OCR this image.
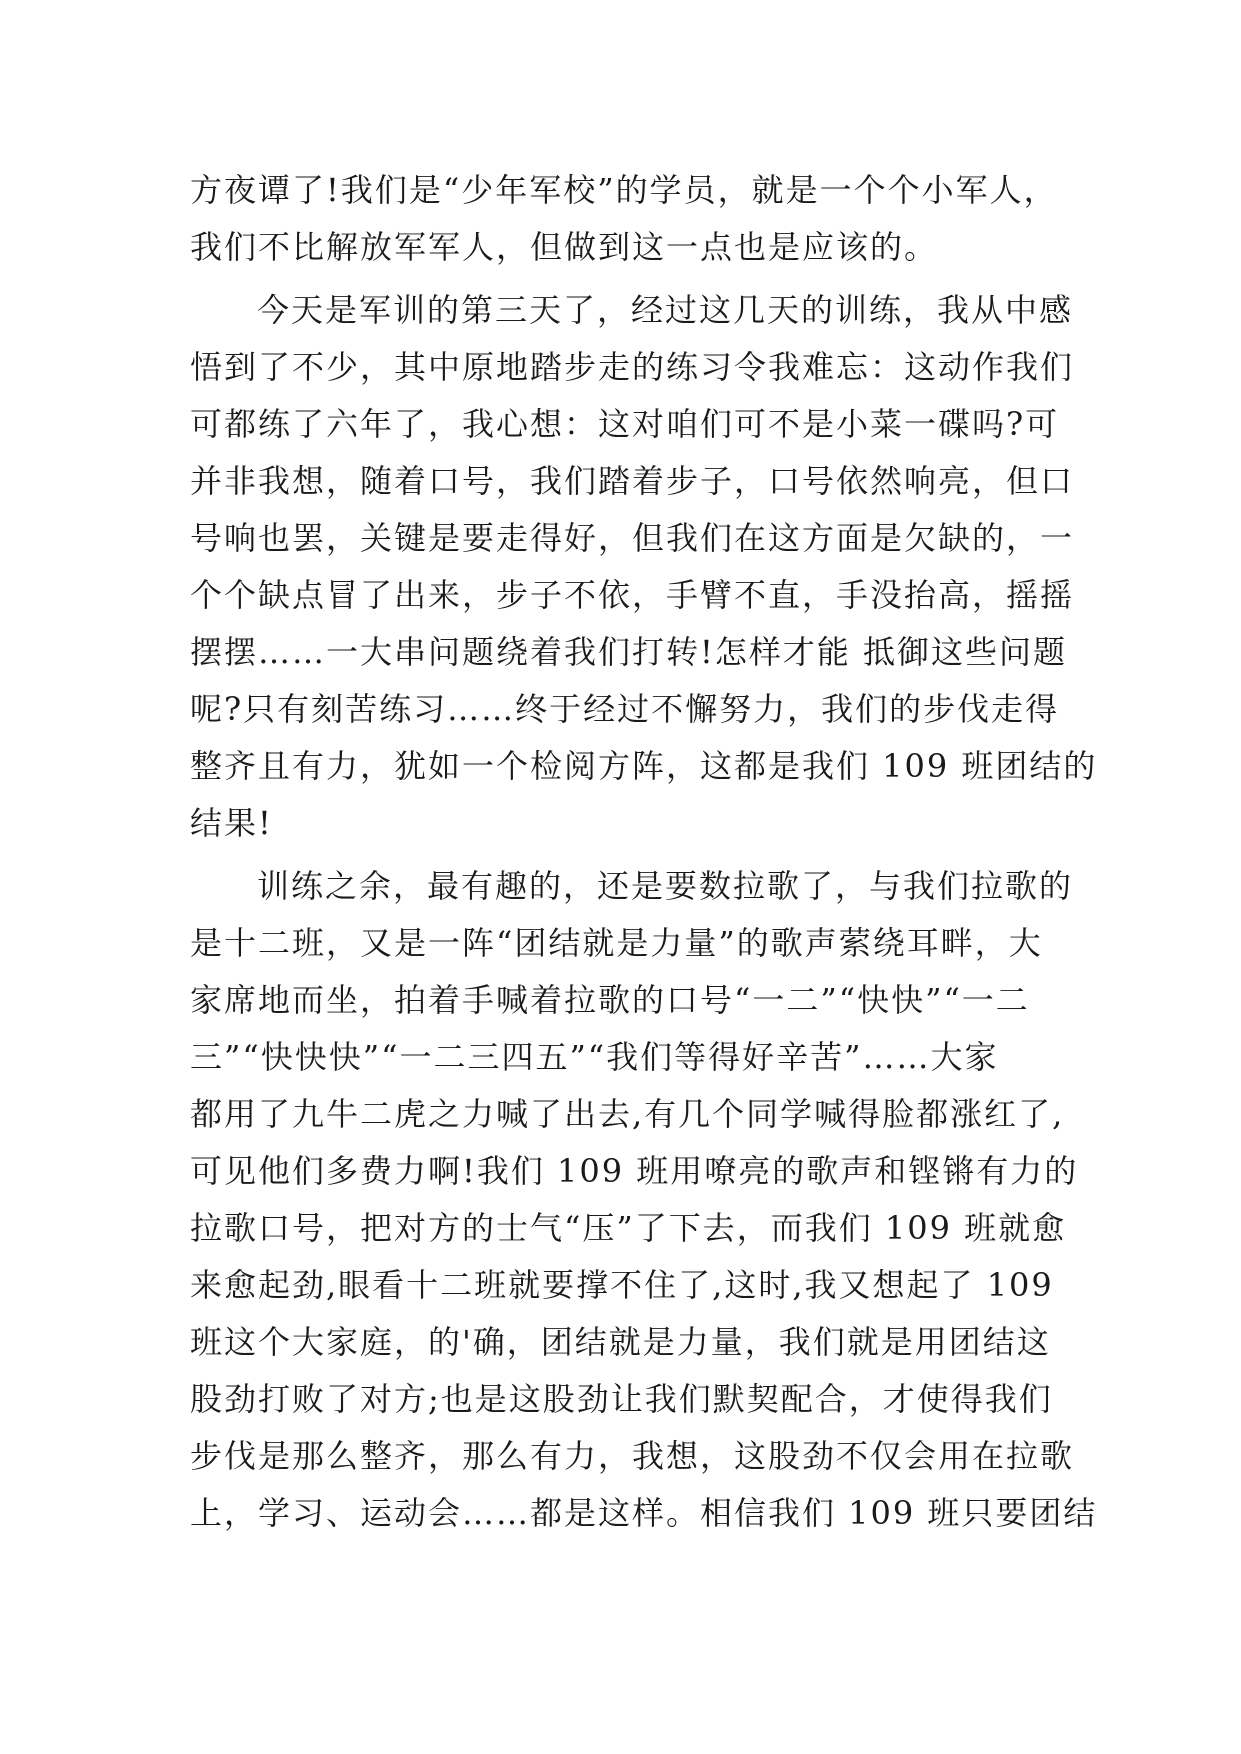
方夜谭了!我们是“少年军校”的学员，就是一个个小军人，
我们不比解放军军人，但做到这一点也是应该的。
今天是军训的第三天了，经过这几天的训练，我从中感
悟到了不少，其中原地踏步走的练习令我难忘：这动作我们
可都练了六年了，我心想：这对咱们可不是小菜一碟吗?可
并非我想，随着口号，我们踏着步子，口号依然响亮，但口
号响也罢，关键是要走得好，但我们在这方面是欠缺的，一
个个缺点冒了出来，步子不依，手臂不直，手没抬高，摇摇
摆摆……一大串问题绕着我们打转!怎样才能 抵御这些问题
呢?只有刻苦练习……终于经过不懈努力，我们的步伐走得
整齐且有力，犹如一个检阅方阵，这都是我们 109 班团结的
结果!
训练之余，最有趣的，还是要数拉歌了，与我们拉歌的
是十二班，又是一阵“团结就是力量”的歌声萦绕耳畔，大
家席地而坐，拍着手喊着拉歌的口号“一二”“快快”“一二
三”“快快快”“一二三四五”“我们等得好辛苦”……大家
都用了九牛二虎之力喊了出去,有几个同学喊得脸都涨红了,
可见他们多费力啊!我们 109 班用嘹亮的歌声和铿锵有力的
拉歌口号，把对方的士气“压”了下去，而我们 109 班就愈
来愈起劲,眼看十二班就要撑不住了,这时,我又想起了 109
班这个大家庭，的'确，团结就是力量，我们就是用团结这
股劲打败了对方;也是这股劲让我们默契配合，才使得我们
步伐是那么整齐，那么有力，我想，这股劲不仅会用在拉歌
上，学习、运动会……都是这样。相信我们 109 班只要团结
